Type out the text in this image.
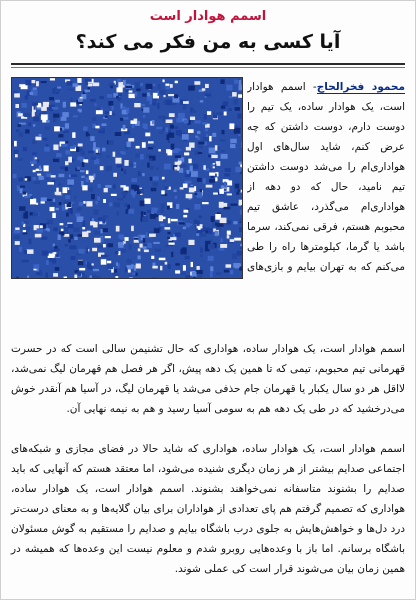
اسمم هوادار است
آیا کسی به من فکر می کند؟
محمود فخرالحاج- اسمم هوادار است، یک هوادار ساده، یک تیم را دوست دارم، دوست داشتن که چه عرض کنم، شاید سال‌های اول هواداری‌ام را می‌شد دوست داشتن تیم نامید، حال که دو دهه از هواداری‌ام می‌گذرد، عاشق تیم محبوبم هستم، فرقی نمی‌کند، سرما باشد یا گرما، کیلومترها راه را طی می‌کنم که به تهران بیایم و بازی‌های
اسمم هوادار است، یک هوادار ساده، هواداری که حال تشنیمن سالی است که در حسرت قهرمانی تیم محبوبم، تیمی که تا همین یک دهه پیش، اگر هر فصل هم قهرمان لیگ نمی‌شد، لااقل هر دو سال یکبار یا قهرمان جام حذفی می‌شد یا قهرمان لیگ، در آسیا هم آنقدر خوش می‌درخشید که در طی یک دهه هم به سومی آسیا رسید و هم به نیمه نهایی آن.
اسمم هوادار است، یک هوادار ساده، هواداری که شاید حالا در فضای مجازی و شبکه‌های اجتماعی صدایم بیشتر از هر زمان دیگری شنیده می‌شود، اما معتقد هستم که آنهایی که باید صدایم را بشنوند متاسفانه نمی‌خواهند بشنوند. اسمم هوادار است، یک هوادار ساده، هواداری که تصمیم گرفتم هم پای تعدادی از هواداران برای بیان گلایه‌ها و به معنای درست‌تر درد دل‌ها و خواهش‌هایش به جلوی درب باشگاه بیایم و صدایم را مستقیم به گوش مسئولان باشگاه برسانم. اما باز با وعده‌هایی روبرو شدم و معلوم نیست این وعده‌ها که همیشه در همین زمان بیان می‌شوند قرار است کی عملی شوند.
